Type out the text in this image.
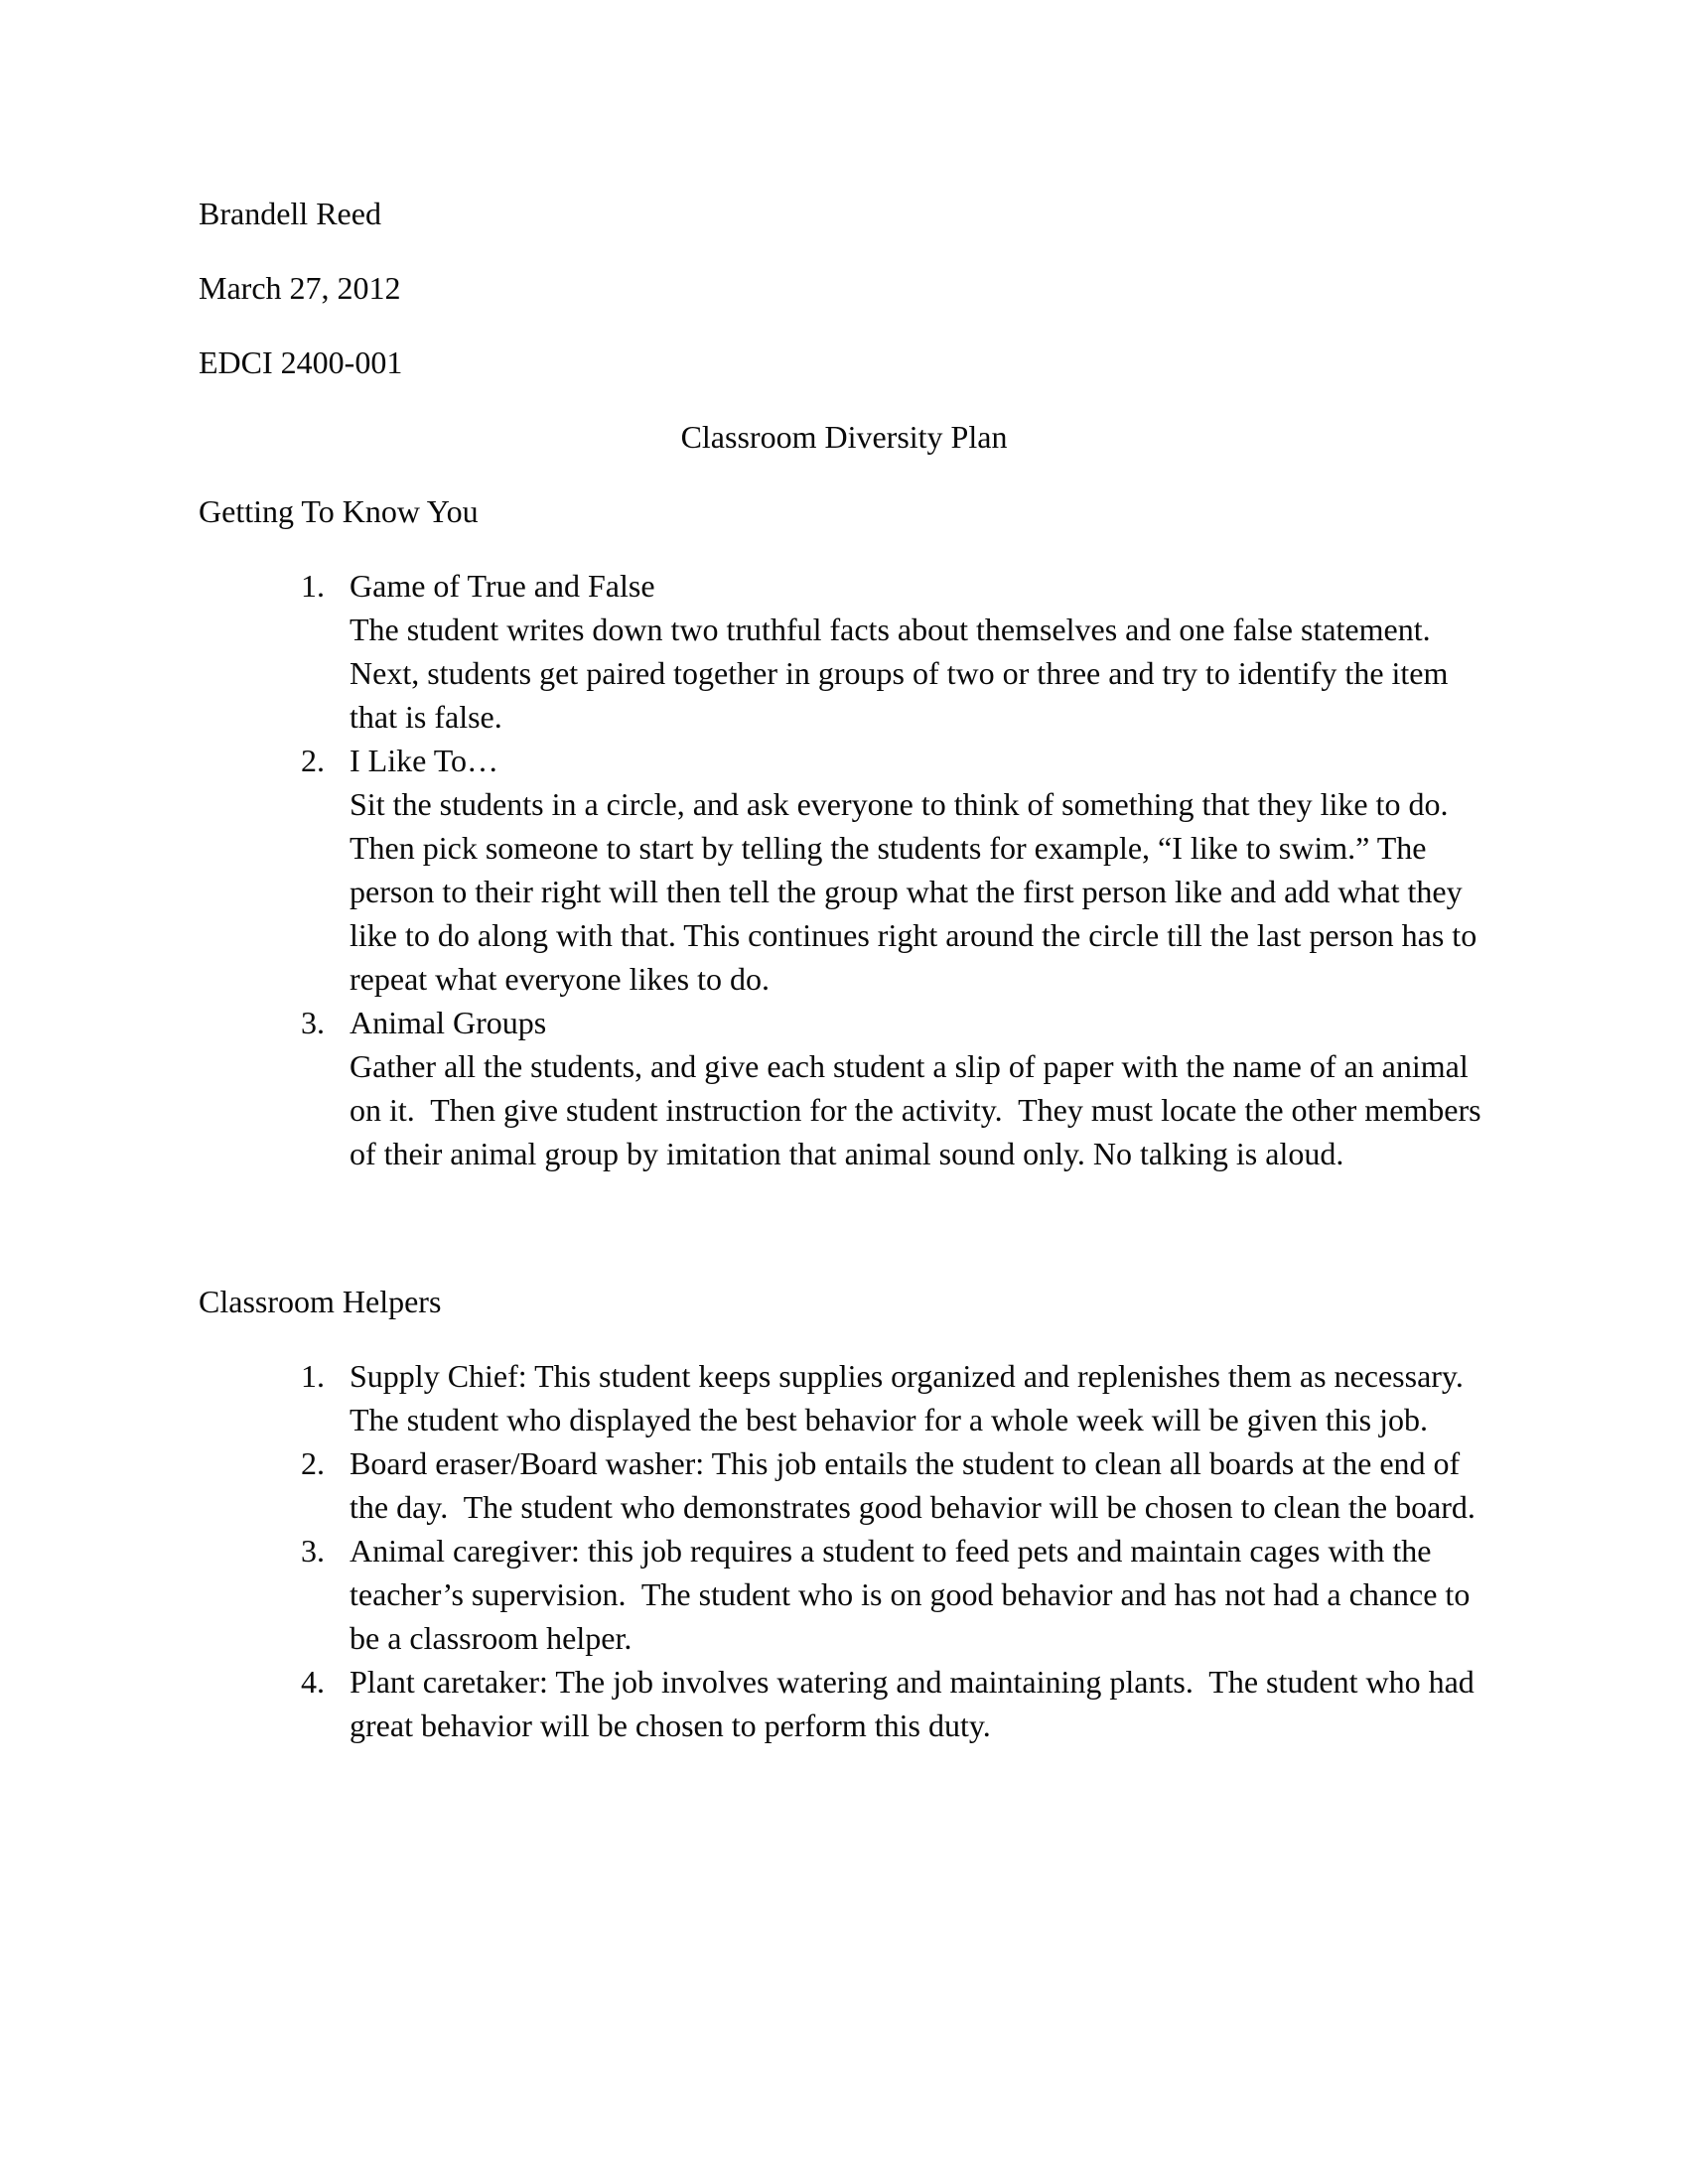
Brandell Reed

March 27, 2012

EDCI 2400-001

Classroom Diversity Plan

Getting To Know You

Game of True and False
The student writes down two truthful facts about themselves and one false statement. Next, students get paired together in groups of two or three and try to identify the item that is false.
I Like To…
Sit the students in a circle, and ask everyone to think of something that they like to do.  Then pick someone to start by telling the students for example, “I like to swim.” The person to their right will then tell the group what the first person like and add what they like to do along with that. This continues right around the circle till the last person has to repeat what everyone likes to do.
Animal Groups
Gather all the students, and give each student a slip of paper with the name of an animal on it.  Then give student instruction for the activity.  They must locate the other members of their animal group by imitation that animal sound only. No talking is aloud.

Classroom Helpers

Supply Chief: This student keeps supplies organized and replenishes them as necessary. The student who displayed the best behavior for a whole week will be given this job.
Board eraser/Board washer: This job entails the student to clean all boards at the end of the day.  The student who demonstrates good behavior will be chosen to clean the board.
Animal caregiver: this job requires a student to feed pets and maintain cages with the teacher’s supervision.  The student who is on good behavior and has not had a chance to be a classroom helper.
Plant caretaker: The job involves watering and maintaining plants.  The student who had great behavior will be chosen to perform this duty.
